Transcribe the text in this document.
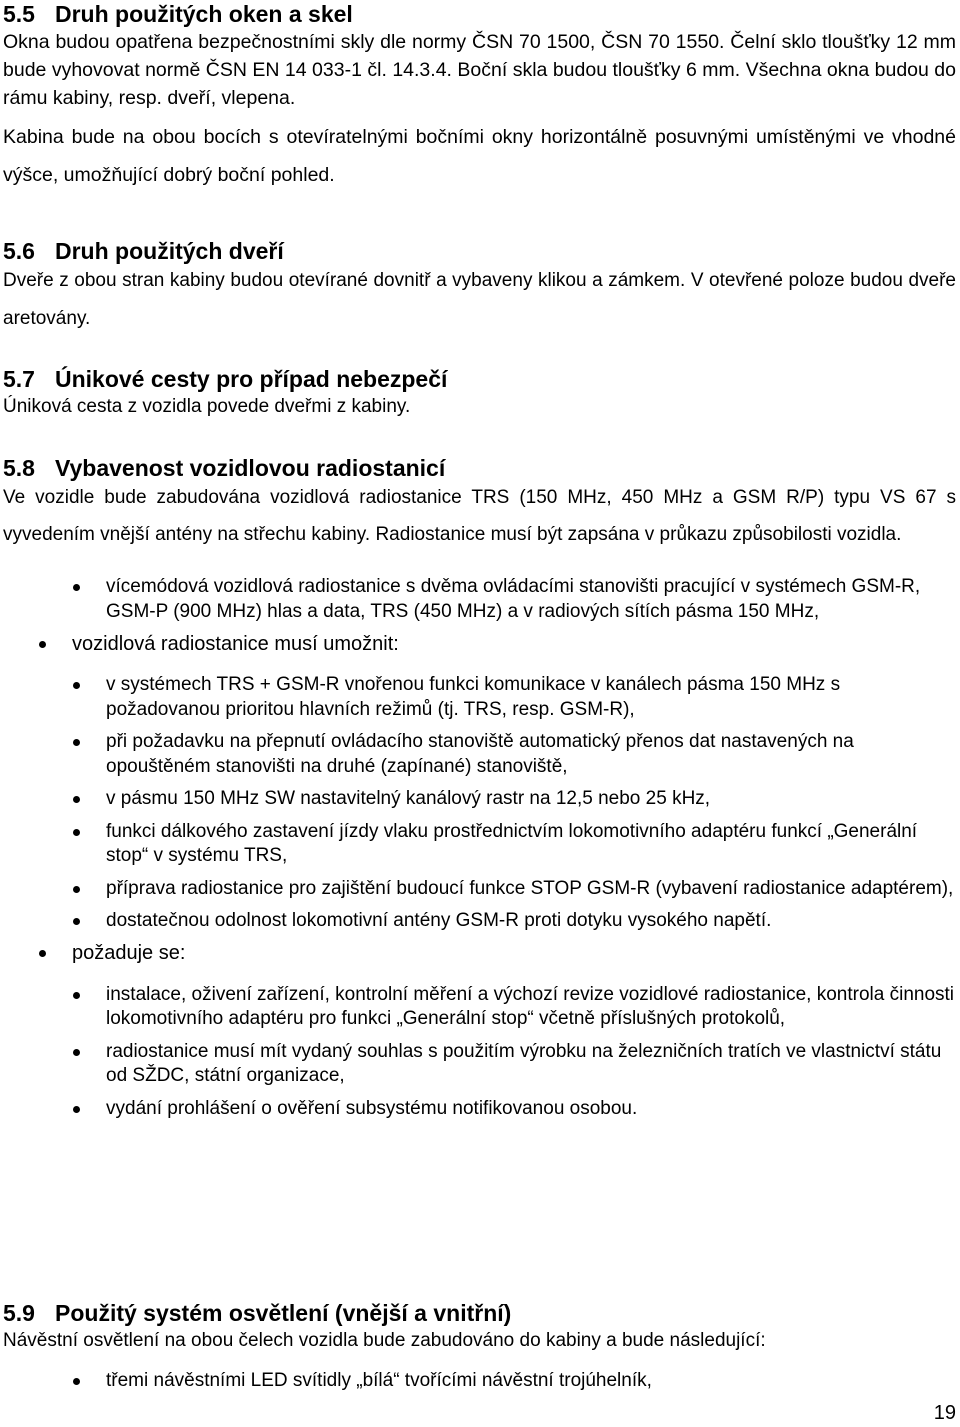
5.5 Druh použitých oken a skel

Okna budou opatřena bezpečnostními skly dle normy ČSN 70 1500, ČSN 70 1550. Čelní sklo tloušťky 12 mm bude vyhovovat normě ČSN EN 14 033-1 čl. 14.3.4. Boční skla budou tloušťky 6 mm. Všechna okna budou do rámu kabiny, resp. dveří, vlepena.

Kabina bude na obou bocích s otevíratelnými bočními okny horizontálně posuvnými umístěnými ve vhodné výšce, umožňující dobrý boční pohled.

5.6 Druh použitých dveří

Dveře z obou stran kabiny budou otevírané dovnitř a vybaveny klikou a zámkem. V otevřené poloze budou dveře aretovány.

5.7 Únikové cesty pro případ nebezpečí

Úniková cesta z vozidla povede dveřmi z kabiny.

5.8 Vybavenost vozidlovou radiostanicí

Ve vozidle bude zabudována vozidlová radiostanice TRS (150 MHz, 450 MHz a GSM R/P) typu VS 67 s vyvedením vnější antény na střechu kabiny. Radiostanice musí být zapsána v průkazu způsobilosti vozidla.

vícemódová vozidlová radiostanice s dvěma ovládacími stanovišti pracující v systémech GSM-R, GSM-P (900 MHz) hlas a data, TRS (450 MHz) a v radiových sítích pásma 150 MHz,
vozidlová radiostanice musí umožnit:
v systémech TRS + GSM-R vnořenou funkci komunikace v kanálech pásma 150 MHz s požadovanou prioritou hlavních režimů (tj. TRS, resp. GSM-R),
při požadavku na přepnutí ovládacího stanoviště automatický přenos dat nastavených na opouštěném stanovišti na druhé (zapínané) stanoviště,
v pásmu 150 MHz SW nastavitelný kanálový rastr na 12,5 nebo 25 kHz,
funkci dálkového zastavení jízdy vlaku prostřednictvím lokomotivního adaptéru funkcí „Generální stop“ v systému TRS,
příprava radiostanice pro zajištění budoucí funkce STOP GSM-R (vybavení radiostanice adaptérem),
dostatečnou odolnost lokomotivní antény GSM-R proti dotyku vysokého napětí.
požaduje se:
instalace, oživení zařízení, kontrolní měření a výchozí revize vozidlové radiostanice, kontrola činnosti lokomotivního adaptéru pro funkci „Generální stop“ včetně příslušných protokolů,
radiostanice musí mít vydaný souhlas s použitím výrobku na železničních tratích ve vlastnictví státu od SŽDC, státní organizace,
vydání prohlášení o ověření subsystému notifikovanou osobou.
5.9 Použitý systém osvětlení (vnější a vnitřní)

Návěstní osvětlení na obou čelech vozidla bude zabudováno do kabiny a bude následující:

třemi návěstními LED svítidly „bílá“ tvořícími návěstní trojúhelník,
19
